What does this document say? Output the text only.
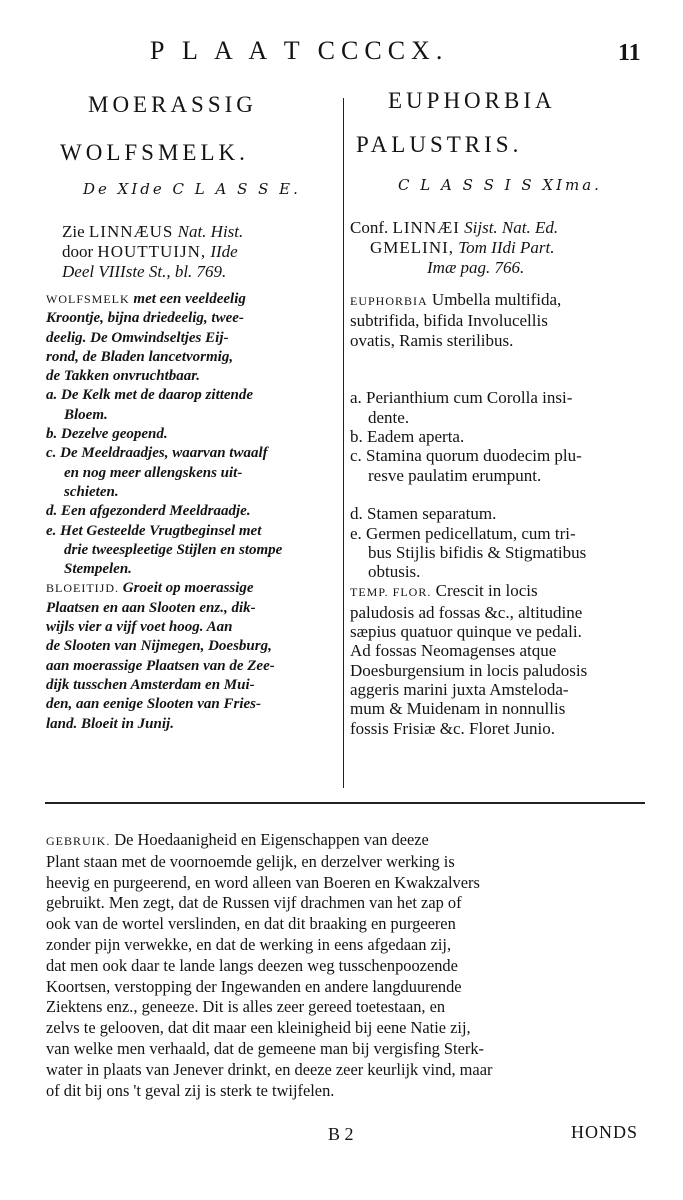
P L A A T CCCCX.	11
MOERASSIG
WOLFSMELK.
De XIde C L A S S E.
Zie LINNÆUS Nat. Hist.
door HOUTTUIJN, IIde
Deel VIIIste St., bl. 769.
WOLFSMELK met een veeldeelig
Kroontje, bijna driedeelig, twee-
deelig. De Omwindseltjes Eij-
rond, de Bladen lancetvormig,
de Takken onvruchtbaar.
a. De Kelk met de daarop zittende
Bloem.
b. Dezelve geopend.
c. De Meeldraadjes, waarvan twaalf
en nog meer allengskens uit-
schieten.
d. Een afgezonderd Meeldraadje.
e. Het Gesteelde Vrugtbeginsel met
drie tweespleetige Stijlen en stompe
Stempelen.
BLOEITIJD. Groeit op moerassige
Plaatsen en aan Slooten enz., dik-
wijls vier a vijf voet hoog. Aan
de Slooten van Nijmegen, Doesburg,
aan moerassige Plaatsen van de Zee-
dijk tusschen Amsterdam en Mui-
den, aan eenige Slooten van Fries-
land. Bloeit in Junij.
EUPHORBIA
PALUSTRIS.
C L A S S I S XIma.
Conf. LINNÆI Sijst. Nat. Ed.
GMELINI, Tom IIdi Part.
Imæ pag. 766.
EUPHORBIA Umbella multifida,
subtrifida, bifida Involucellis
ovatis, Ramis sterilibus.

a. Perianthium cum Corolla insi-
dente.
b. Eadem aperta.
c. Stamina quorum duodecim plu-
resve paulatim erumpunt.

d. Stamen separatum.
e. Germen pedicellatum, cum tri-
bus Stijlis bifidis & Stigmatibus
obtusis.
TEMP. FLOR. Crescit in locis
paludosis ad fossas &c., altitudine
sæpius quatuor quinque ve pedali.
Ad fossas Neomagenses atque
Doesburgensium in locis paludosis
aggeris marini juxta Amsteloda-
mum & Muidenam in nonnullis
fossis Frisiæ &c. Floret Junio.
GEBRUIK. De Hoedaanigheid en Eigenschappen van deeze
Plant staan met de voornoemde gelijk, en derzelver werking is
heevig en purgeerend, en word alleen van Boeren en Kwakzalvers
gebruikt. Men zegt, dat de Russen vijf drachmen van het zap of
ook van de wortel verslinden, en dat dit braaking en purgeeren
zonder pijn verwekke, en dat de werking in eens afgedaan zij,
dat men ook daar te lande langs deezen weg tusschenpoozende
Koortsen, verstopping der Ingewanden en andere langduurende
Ziektens enz., geneeze. Dit is alles zeer gereed toetestaan, en
zelvs te gelooven, dat dit maar een kleinigheid bij eene Natie zij,
van welke men verhaald, dat de gemeene man bij vergisfing Sterk-
water in plaats van Jenever drinkt, en deeze zeer keurlijk vind, maar
of dit bij ons 't geval zij is sterk te twijfelen.
B 2	HONDS
